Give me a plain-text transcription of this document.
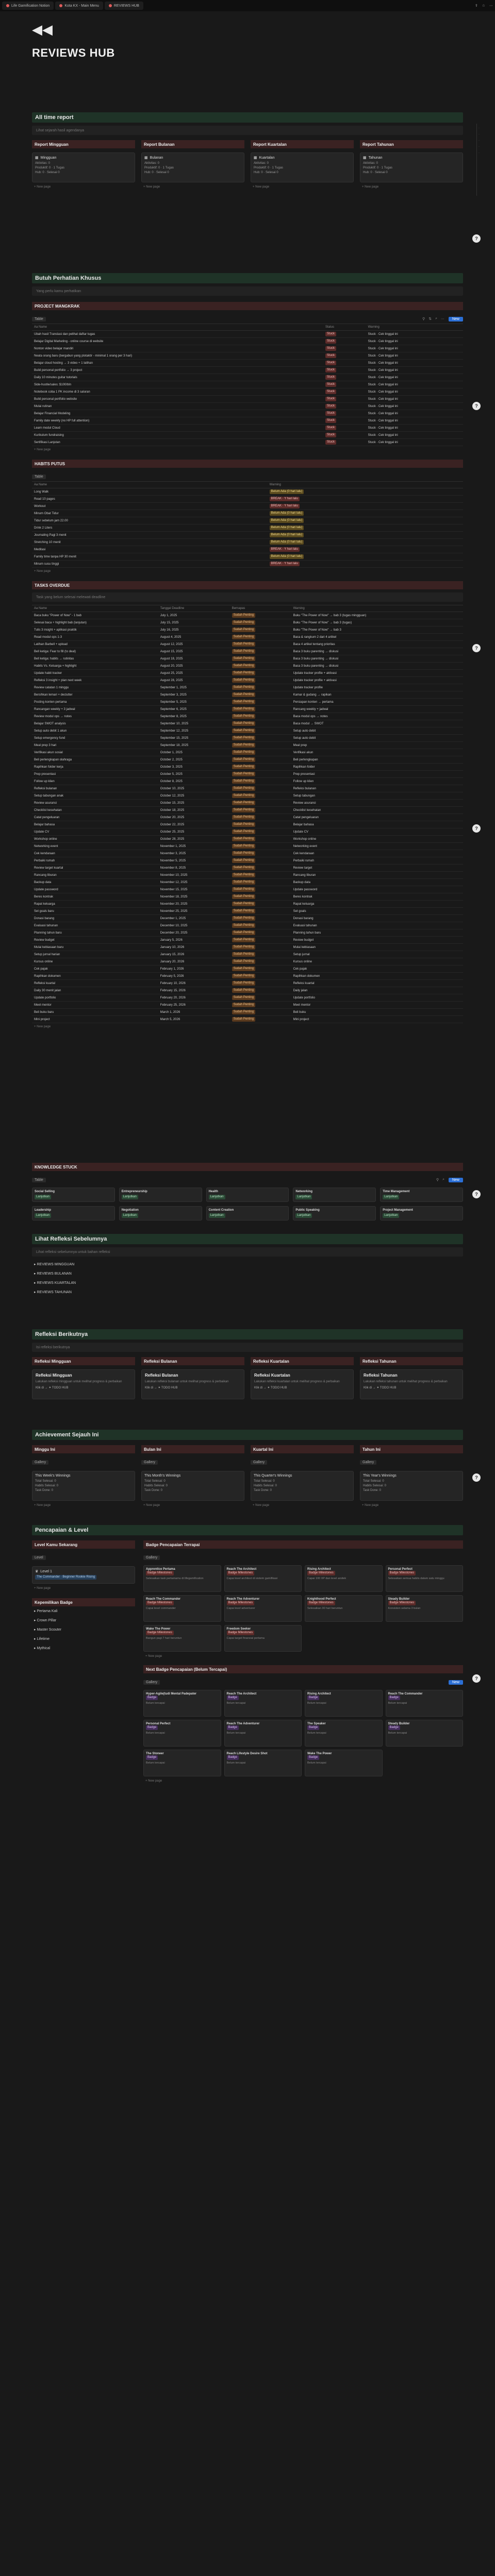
Life Gamification Notion	Kota KX - Main Menu	REVIEWS HUB	⇪ ☆ ⋯
◀◀
REVIEWS HUB
·
·
·
·
·
All time report
Lihat sejarah hasil agendanya
Report Mingguan
▦ Mingguan
Aktivitas: 0
Produktif: 0 · 1 Tugas
Hub: 0 · Selesai 0
+ New page
Report Bulanan
▦ Bulanan
Aktivitas: 0
Produktif: 0 · 1 Tugas
Hub: 0 · Selesai 0
+ New page
Report Kuartalan
▦ Kuartalan
Aktivitas: 0
Produktif: 0 · 1 Tugas
Hub: 0 · Selesai 0
+ New page
Report Tahunan
▦ Tahunan
Aktivitas: 0
Produktif: 0 · 1 Tugas
Hub: 0 · Selesai 0
+ New page
?
Butuh Perhatian Khusus
Yang perlu kamu perhatikan
PROJECT MANGKRAK
Table	⚲ ⇅ ⌕ ⋯	New
Aa Name	Status	Warning
Ubah hasil Translasi dan pelihat daftar tugas	Stuck	Stuck · Cek tinggal ini
Belajar Digital Marketing - online course di website	Stuck	Stuck · Cek tinggal ini
Nonton video belajar mandiri	Stuck	Stuck · Cek tinggal ini
Neata orang baru (bergabun yang plotaktir - minimal 1 orang per 3 hari)	Stuck	Stuck · Cek tinggal ini
Belajar cloud hosting → 3 video + 1 latihan	Stuck	Stuck · Cek tinggal ini
Build personal portfolio → 3 project	Stuck	Stuck · Cek tinggal ini
Daily 10 minutes guitar tutorials	Stuck	Stuck · Cek tinggal ini
Side-hustle/sales: $100/bln	Stuck	Stuck · Cek tinggal ini
Notebook coba 1 PK income di 3 saluran	Stuck	Stuck · Cek tinggal ini
Build personal portfolio website	Stuck	Stuck · Cek tinggal ini
Mulai rutinan	Stuck	Stuck · Cek tinggal ini
Belajar Financial Modeling	Stuck	Stuck · Cek tinggal ini
Family date weekly (no HP full attention)	Stuck	Stuck · Cek tinggal ini
Learn modul Cloud	Stuck	Stuck · Cek tinggal ini
Kurikulum fundraising	Stuck	Stuck · Cek tinggal ini
Sertifikasi Lanjutan	Stuck	Stuck · Cek tinggal ini
+ New page
HABITS PUTUS
Table
Aa Name	Warning
Long Walk	Belum Ada (0 hari lalu)
Read 10 pages	BREAK · Y hari lalu
Workout	BREAK · Y hari lalu
Minum Obat Tidur	Belum Ada (0 hari lalu)
Tidur sebelum jam 22.00	Belum Ada (0 hari lalu)
Drink 2 Liters	Belum Ada (0 hari lalu)
Journaling Pagi 3 menit	Belum Ada (0 hari lalu)
Stretching 10 menit	Belum Ada (0 hari lalu)
Meditasi	BREAK · Y hari lalu
Family time tanpa HP 30 menit	Belum Ada (0 hari lalu)
Minum susu tinggi	BREAK · Y hari lalu
+ New page
TASKS OVERDUE
Task yang belum selesai melewati deadline
Aa Name	Tanggal Deadline	Bernapas	Warning
Baca buku "Power of Now" - 1 bab	July 1, 2025	Sudah Penting	Buku "The Power of Now" → bab 3 (tugas mingguan)
Selesai baca + highlight bab (lanjutan)	July 15, 2025	Sudah Penting	Buku "The Power of Now" → bab 3 (tugas)
Tulis 3 insight + aplikasi praktik	July 16, 2025	Sudah Penting	Buku "The Power of Now" → bab 3
Read modul ops 1-3	August 4, 2025	Sudah Penting	Baca & rangkum 2 dari 4 artikel
Latihan Barbell + upload	August 12, 2025	Sudah Penting	Baca 4 artikel tentang prioritas
Bell ketiga: Fear to fill (to deal)	August 15, 2025	Sudah Penting	Baca 3 buku parenting → diskusi
Bell ketiga: habits → rutinitas	August 18, 2025	Sudah Penting	Baca 3 buku parenting → diskusi
Habits Vs. Keluarga + highlight	August 20, 2025	Sudah Penting	Baca 3 buku parenting → diskusi
Update habit tracker	August 25, 2025	Sudah Penting	Update tracker profile + aktivasi
Refleksi 3 insight + plan next week	August 28, 2025	Sudah Penting	Update tracker profile + aktivasi
Review catatan 1 minggu	September 1, 2025	Sudah Penting	Update tracker profile
Bersihkan lemari + declutter	September 3, 2025	Sudah Penting	Kamar & gudang → rapikan
Posting konten pertama	September 5, 2025	Sudah Penting	Persiapan konten → pertama
Rancangan weekly + 3 jadwal	September 6, 2025	Sudah Penting	Rancang weekly + jadwal
Review modul ops → notes	September 8, 2025	Sudah Penting	Baca modul ops → notes
Belajar SWOT analysis	September 10, 2025	Sudah Penting	Baca modul → SWOT
Setup auto debit 1 akun	September 12, 2025	Sudah Penting	Setup auto debit
Setup emergency fund	September 15, 2025	Sudah Penting	Setup auto debit
Meal prep 3 hari	September 18, 2025	Sudah Penting	Meal prep
Verifikasi akun sosial	October 1, 2025	Sudah Penting	Verifikasi akun
Beli perlengkapan olahraga	October 2, 2025	Sudah Penting	Beli perlengkapan
Rapihkan folder kerja	October 3, 2025	Sudah Penting	Rapihkan folder
Prep presentasi	October 5, 2025	Sudah Penting	Prep presentasi
Follow up klien	October 8, 2025	Sudah Penting	Follow up klien
Refleksi bulanan	October 10, 2025	Sudah Penting	Refleksi bulanan
Setup tabungan anak	October 12, 2025	Sudah Penting	Setup tabungan
Review asuransi	October 15, 2025	Sudah Penting	Review asuransi
Checklist kesehatan	October 18, 2025	Sudah Penting	Checklist kesehatan
Catat pengeluaran	October 20, 2025	Sudah Penting	Catat pengeluaran
Belajar bahasa	October 22, 2025	Sudah Penting	Belajar bahasa
Update CV	October 25, 2025	Sudah Penting	Update CV
Workshop online	October 28, 2025	Sudah Penting	Workshop online
Networking event	November 1, 2025	Sudah Penting	Networking event
Cek kendaraan	November 3, 2025	Sudah Penting	Cek kendaraan
Perbaiki rumah	November 5, 2025	Sudah Penting	Perbaiki rumah
Review target kuartal	November 8, 2025	Sudah Penting	Review target
Rancang liburan	November 10, 2025	Sudah Penting	Rancang liburan
Backup data	November 12, 2025	Sudah Penting	Backup data
Update password	November 15, 2025	Sudah Penting	Update password
Beres kontrak	November 18, 2025	Sudah Penting	Beres kontrak
Rapat keluarga	November 20, 2025	Sudah Penting	Rapat keluarga
Set goals baru	November 25, 2025	Sudah Penting	Set goals
Donasi barang	December 1, 2025	Sudah Penting	Donasi barang
Evaluasi tahunan	December 10, 2025	Sudah Penting	Evaluasi tahunan
Planning tahun baru	December 20, 2025	Sudah Penting	Planning tahun baru
Review budget	January 5, 2026	Sudah Penting	Review budget
Mulai kebiasaan baru	January 10, 2026	Sudah Penting	Mulai kebiasaan
Setup jurnal harian	January 15, 2026	Sudah Penting	Setup jurnal
Kursus online	January 20, 2026	Sudah Penting	Kursus online
Cek pajak	February 1, 2026	Sudah Penting	Cek pajak
Rapihkan dokumen	February 5, 2026	Sudah Penting	Rapihkan dokumen
Refleksi kuartal	February 10, 2026	Sudah Penting	Refleksi kuartal
Daily 30 menit jalan	February 15, 2026	Sudah Penting	Daily jalan
Update portfolio	February 20, 2026	Sudah Penting	Update portfolio
Meet mentor	February 25, 2026	Sudah Penting	Meet mentor
Beli buku baru	March 1, 2026	Sudah Penting	Beli buku
Mini project	March 5, 2026	Sudah Penting	Mini project
+ New page
?
?
?
KNOWLEDGE STUCK
Table	⚲ ⌕	New
Social Selling
Lanjutkan
Entrepreneurship
Lanjutkan
Health
Lanjutkan
Networking
Lanjutkan
Time Management
Lanjutkan
Leadership
Lanjutkan
Negotiation
Lanjutkan
Content Creation
Lanjutkan
Public Speaking
Lanjutkan
Project Management
Lanjutkan
?
Lihat Refleksi Sebelumnya
Lihat refleksi sebelumnya untuk bahan refleksi
▸ REVIEWS MINGGUAN
▸ REVIEWS BULANAN
▸ REVIEWS KUARTALAN
▸ REVIEWS TAHUNAN
Refleksi Berikutnya
Isi refleksi berikutnya
Refleksi Mingguan
Refleksi Mingguan
Lakukan refleksi mingguan untuk melihat progress & perbaikan
Klik di → ✦ TODO HUB
Refleksi Bulanan
Refleksi Bulanan
Lakukan refleksi bulanan untuk melihat progress & perbaikan
Klik di → ✦ TODO HUB
Refleksi Kuartalan
Refleksi Kuartalan
Lakukan refleksi kuartalan untuk melihat progress & perbaikan
Klik di → ✦ TODO HUB
Refleksi Tahunan
Refleksi Tahunan
Lakukan refleksi tahunan untuk melihat progress & perbaikan
Klik di → ✦ TODO HUB
Achievement Sejauh Ini
Minggu Ini
Gallery
This Week's Winnings
Total Selesai: 0
Habits Selesai: 0
Task Done: 0
+ New page
Bulan Ini
Gallery
This Month's Winnings
Total Selesai: 0
Habits Selesai: 0
Task Done: 0
+ New page
Kuartal Ini
Gallery
This Quarter's Winnings
Total Selesai: 0
Habits Selesai: 0
Task Done: 0
+ New page
Tahun Ini
Gallery
This Year's Winnings
Total Selesai: 0
Habits Selesai: 0
Task Done: 0
+ New page
?
Pencapaian & Level
Level Kamu Sekarang
Level
♛ Level 1
The Commander · Beginner Rookie Rising
+ New page
Kepemilikan Badge
▸ Pertama Kali
▸ Crown Pillar
▸ Master Scouter
▸ Lifetime
▸ Mythical
Badge Pencapaian Terrapai
Gallery
Apprentice Pertama
Badge Milestones
Selesaikan task pertamamu di lifegamification
Reach The Architect
Badge Milestones
Capai level architect di sistem gamifikasi
Rising Architect
Badge Milestones
Capai 100 XP dan level arsitek
Personal Perfect
Badge Milestones
Selesaikan semua habits dalam satu minggu
Reach The Commander
Badge Milestones
Capai level commander
Reach The Adventurer
Badge Milestones
Capai level adventurer
Knighthood Perfect
Badge Milestones
Selesaikan 30 hari beruntun
Steady Builder
Badge Milestones
Konsisten selama 3 bulan
Wake The Power
Badge Milestones
Bangun pagi 7 hari beruntun
Freedom Seeker
Badge Milestones
Capai target finansial pertama
+ New page
Next Badge Pencapaian (Belum Tercapai)
Gallery	New
Hyper-Agile(tudi Mental Padepater
Badge
Belum tercapai
Reach The Architect
Badge
Belum tercapai
Rising Architect
Badge
Belum tercapai
Reach The Commander
Badge
Belum tercapai
Personal Perfect
Badge
Belum tercapai
Reach The Adventurer
Badge
Belum tercapai
The Speaker
Badge
Belum tercapai
Steady Builder
Badge
Belum tercapai
The Stoneer
Badge
Belum tercapai
Reach Lifestyle Desire Shot
Badge
Belum tercapai
Wake The Power
Badge
Belum tercapai
+ New page
?
